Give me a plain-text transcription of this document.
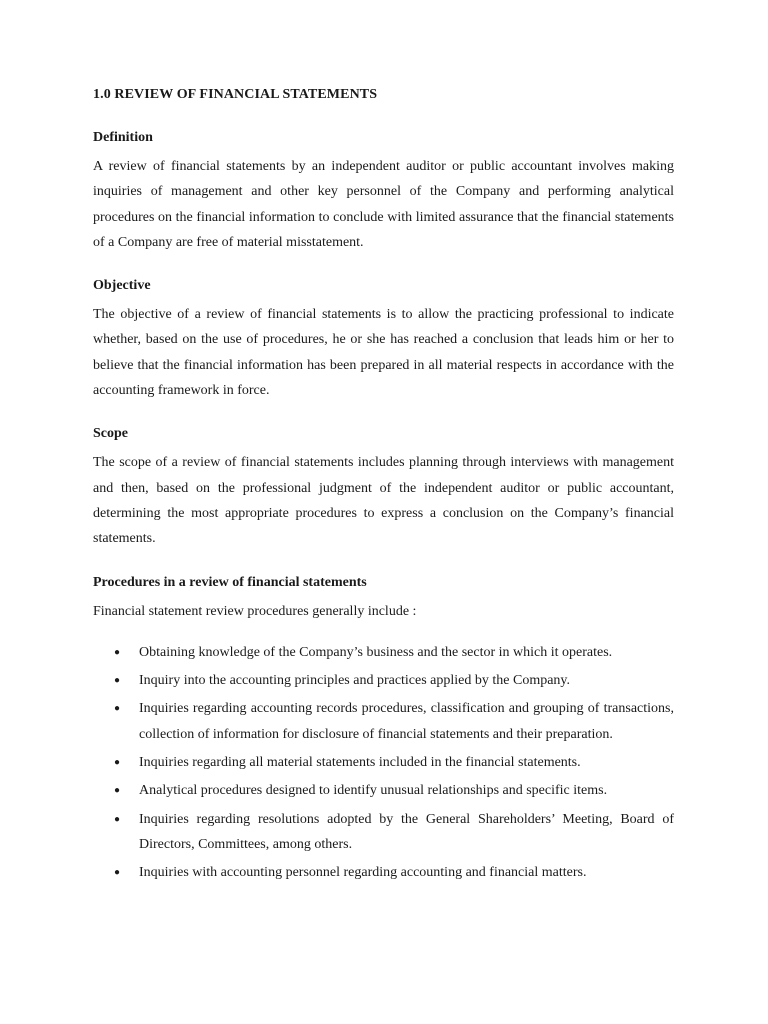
1.0 REVIEW OF FINANCIAL STATEMENTS
Definition
A review of financial statements by an independent auditor or public accountant involves making inquiries of management and other key personnel of the Company and performing analytical procedures on the financial information to conclude with limited assurance that the financial statements of a Company are free of material misstatement.
Objective
The objective of a review of financial statements is to allow the practicing professional to indicate whether, based on the use of procedures, he or she has reached a conclusion that leads him or her to believe that the financial information has been prepared in all material respects in accordance with the accounting framework in force.
Scope
The scope of a review of financial statements includes planning through interviews with management and then, based on the professional judgment of the independent auditor or public accountant, determining the most appropriate procedures to express a conclusion on the Company’s financial statements.
Procedures in a review of financial statements
Financial statement review procedures generally include :
● Obtaining knowledge of the Company’s business and the sector in which it operates.
● Inquiry into the accounting principles and practices applied by the Company.
● Inquiries regarding accounting records procedures, classification and grouping of transactions, collection of information for disclosure of financial statements and their preparation.
● Inquiries regarding all material statements included in the financial statements.
● Analytical procedures designed to identify unusual relationships and specific items.
● Inquiries regarding resolutions adopted by the General Shareholders’ Meeting, Board of Directors, Committees, among others.
● Inquiries with accounting personnel regarding accounting and financial matters.
